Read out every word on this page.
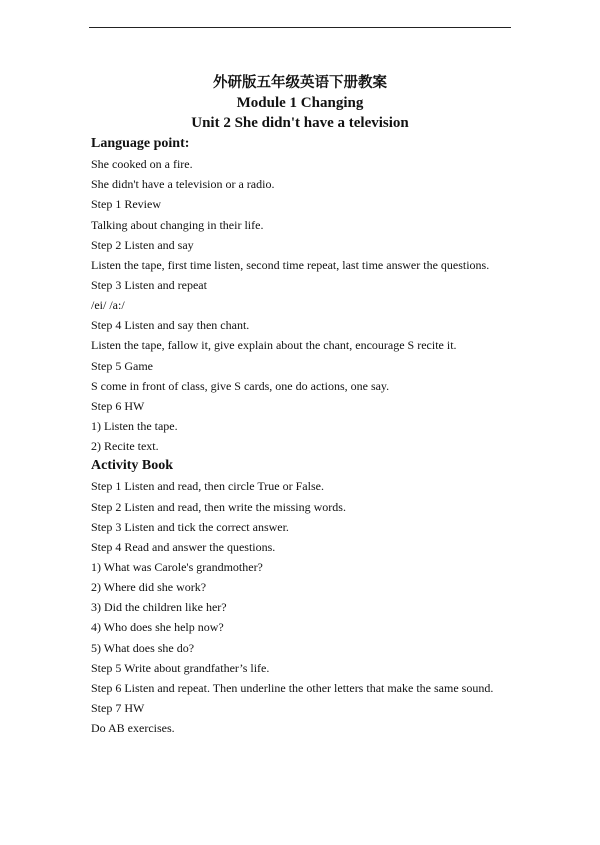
外研版五年级英语下册教案
Module 1 Changing
Unit 2 She didn't have a television
Language point:
She cooked on a fire.
She didn't have a television or a radio.
Step 1 Review
Talking about changing in their life.
Step 2 Listen and say
Listen the tape, first time listen, second time repeat, last time answer the questions.
Step 3 Listen and repeat
/ei/ /a:/
Step 4 Listen and say then chant.
Listen the tape, fallow it, give explain about the chant, encourage S recite it.
Step 5 Game
S come in front of class, give S cards, one do actions, one say.
Step 6 HW
1) Listen the tape.
2) Recite text.
Activity Book
Step 1 Listen and read, then circle True or False.
Step 2 Listen and read, then write the missing words.
Step 3 Listen and tick the correct answer.
Step 4 Read and answer the questions.
1) What was Carole's grandmother?
2) Where did she work?
3) Did the children like her?
4) Who does she help now?
5) What does she do?
Step 5 Write about grandfather’s life.
Step 6 Listen and repeat. Then underline the other letters that make the same sound.
Step 7 HW
Do AB exercises.
